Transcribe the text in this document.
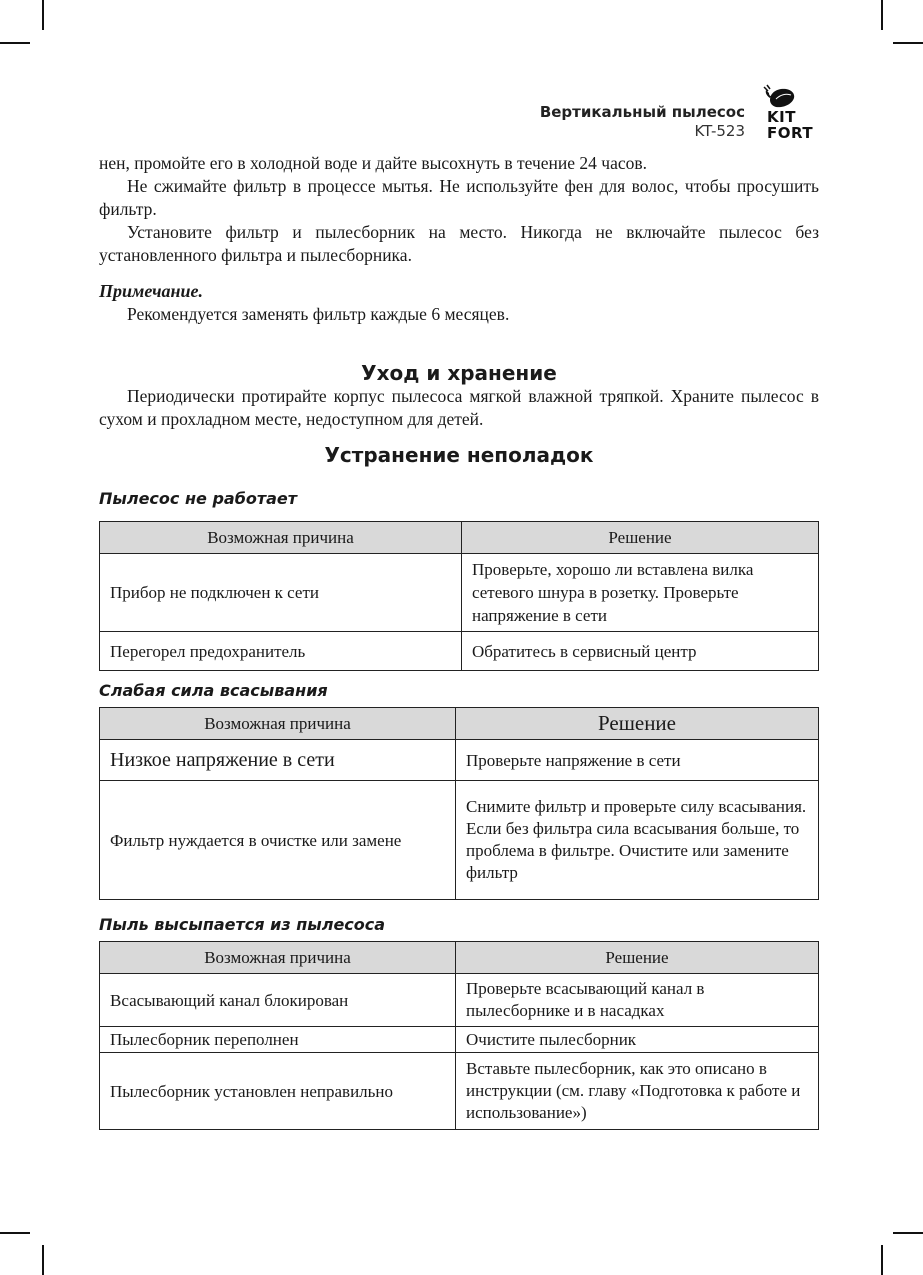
Вертикальный пылесос
KT-523
KIT
FORT
нен, промойте его в холодной воде и дайте высохнуть в течение 24 часов.
Не сжимайте фильтр в процессе мытья. Не используйте фен для волос, чтобы просушить фильтр.
Установите фильтр и пылесборник на место. Никогда не включайте пылесос без установленного фильтра и пылесборника.
Примечание.
Рекомендуется заменять фильтр каждые 6 месяцев.
Уход и хранение
Периодически протирайте корпус пылесоса мягкой влажной тряпкой. Храните пылесос в сухом и прохладном месте, недоступном для детей.
Устранение неполадок
Пылесос не работает
Возможная причина	Решение
Прибор не подключен к сети	Проверьте, хорошо ли вставлена вилка сетевого шнура в розетку. Проверьте напряжение в сети
Перегорел предохранитель	Обратитесь в сервисный центр
Слабая сила всасывания
Возможная причина	Решение
Низкое напряжение в сети	Проверьте напряжение в сети
Фильтр нуждается в очистке или замене	Снимите фильтр и проверьте силу всасывания. Если без фильтра сила всасывания больше, то проблема в фильтре. Очистите или замените фильтр
Пыль высыпается из пылесоса
Возможная причина	Решение
Всасывающий канал блокирован	Проверьте всасывающий канал в пылесборнике и в насадках
Пылесборник переполнен	Очистите пылесборник
Пылесборник установлен неправильно	Вставьте пылесборник, как это описано в инструкции (см. главу «Подготовка к работе и использование»)
